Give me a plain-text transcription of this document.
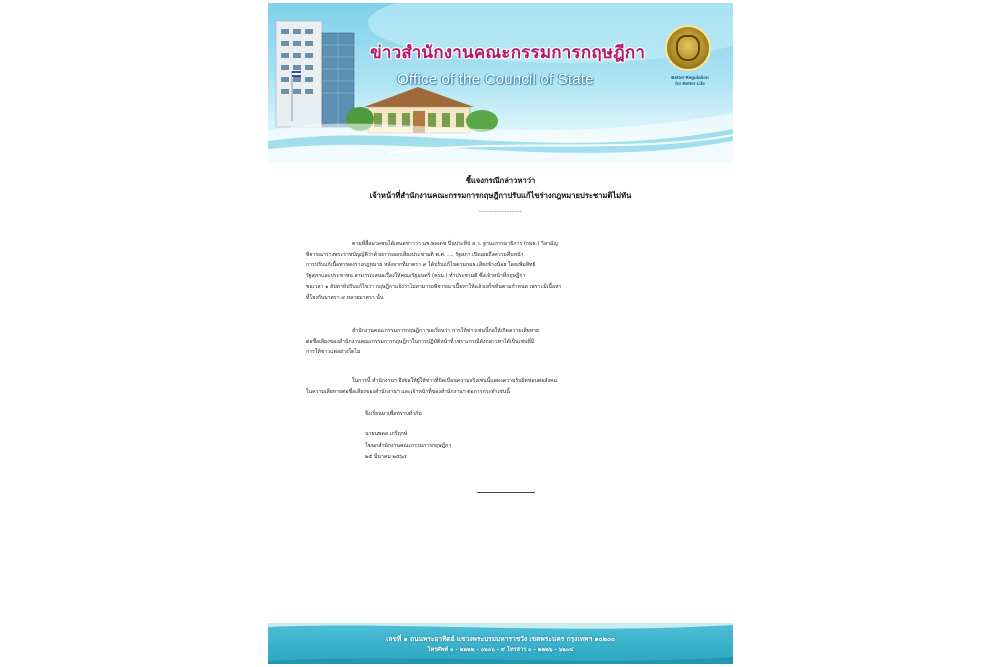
ข่าวสำนักงานคณะกรรมการกฤษฎีกา
Office of the Council of State	Better Regulation
for Better Life
ชี้แจงกรณีกล่าวหาว่า
เจ้าหน้าที่สำนักงานคณะกรรมการกฤษฎีกาปรับแก้ไขร่างกฎหมายประชามติไม่ทัน
-----------------
ตามที่สื่อมวลชนได้เสนอข่าวว่า นพ.พลเดช ปิ่นประทีป ส.ว. ฐานะกรรมาธิการ (กมธ.) วิสามัญ
พิจารณาร่างพระราชบัญญัติว่าด้วยการออกเสียงประชามติ พ.ศ. .... รัฐสภา เปิดเผยถึงความคืบหน้า
การปรับแก้เนื้อหาของร่างกฎหมาย หลังจากที่มาตรา ๙ ได้ปรับแก้ไขตามกมธ.เสียงข้างน้อย โดยเพิ่มสิทธิ
รัฐสภาและประชาชน สามารถเสนอเรื่องให้คณะรัฐมนตรี (ครม.) ทำประชามติ ซึ่งเจ้าหน้าที่กฤษฎีกา
ขอเวลา ๑ สัปดาห์ปรับแก้ไขว่า กฤษฎีกาแจ้งว่าไม่สามารถพิจารณาเนื้อหาให้แล้วเสร็จทันตามกำหนด เพราะมีเนื้อหา
ที่โยงกับมาตรา ๙ หลายมาตรา นั้น
สำนักงานคณะกรรมการกฤษฎีกา ขอเรียนว่า การให้ข่าวเช่นนี้ก่อให้เกิดความเสียหาย
ต่อชื่อเสียงของสำนักงานคณะกรรมการกฤษฎีกาในการปฏิบัติหน้าที่ เพราะกรณีดังกล่าวหาได้เป็นเช่นที่มี
การให้ข่าวแต่อย่างใดไม่
ในการนี้ สำนักงานฯ จึงขอให้ผู้ให้ข่าวที่บิดเบือนความจริงเช่นนี้แสดงความรับผิดชอบต่อสังคม
ในความเสียหายต่อชื่อเสียงของสำนักงานฯ และเจ้าหน้าที่ของสำนักงานฯ ต่อการกระทำเช่นนี้
จึงเรียนมาเพื่อทราบทั่วกัน
นายนพดล เภรีฤกษ์
โฆษกสำนักงานคณะกรรมการกฤษฎีกา
๒๕ มีนาคม ๒๕๖๔
เลขที่ ๑ ถนนพระอาทิตย์ แขวงพระบรมมหาราชวัง เขตพระนคร กรุงเทพฯ ๑๐๒๐๐
โทรศัพท์ ๐ - ๒๒๒๒ - ๐๒๐๖ - ๙ โทรสาร ๐ - ๒๒๒๖ - ๖๒๐๔
